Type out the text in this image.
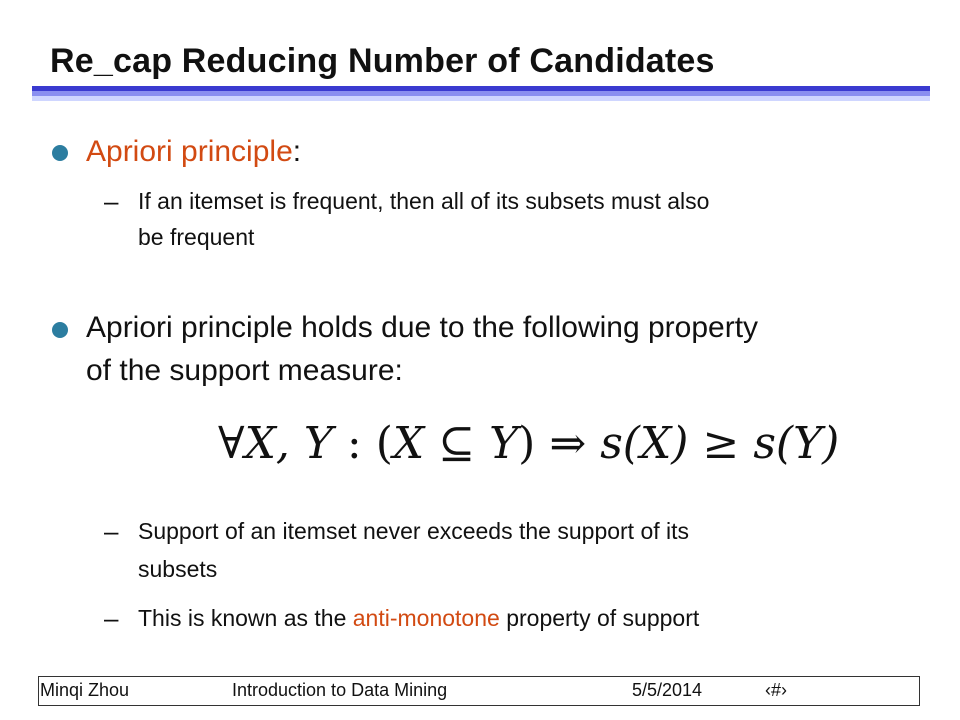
Re_cap Reducing Number of Candidates
Apriori principle:
– If an itemset is frequent, then all of its subsets must also
be frequent
Apriori principle holds due to the following property
of the support measure:
∀X, Y : (X ⊆ Y) ⇒ s(X) ≥ s(Y)
– Support of an itemset never exceeds the support of its
subsets
– This is known as the anti-monotone property of support
Minqi Zhou	Introduction to Data Mining	5/5/2014	‹#›
